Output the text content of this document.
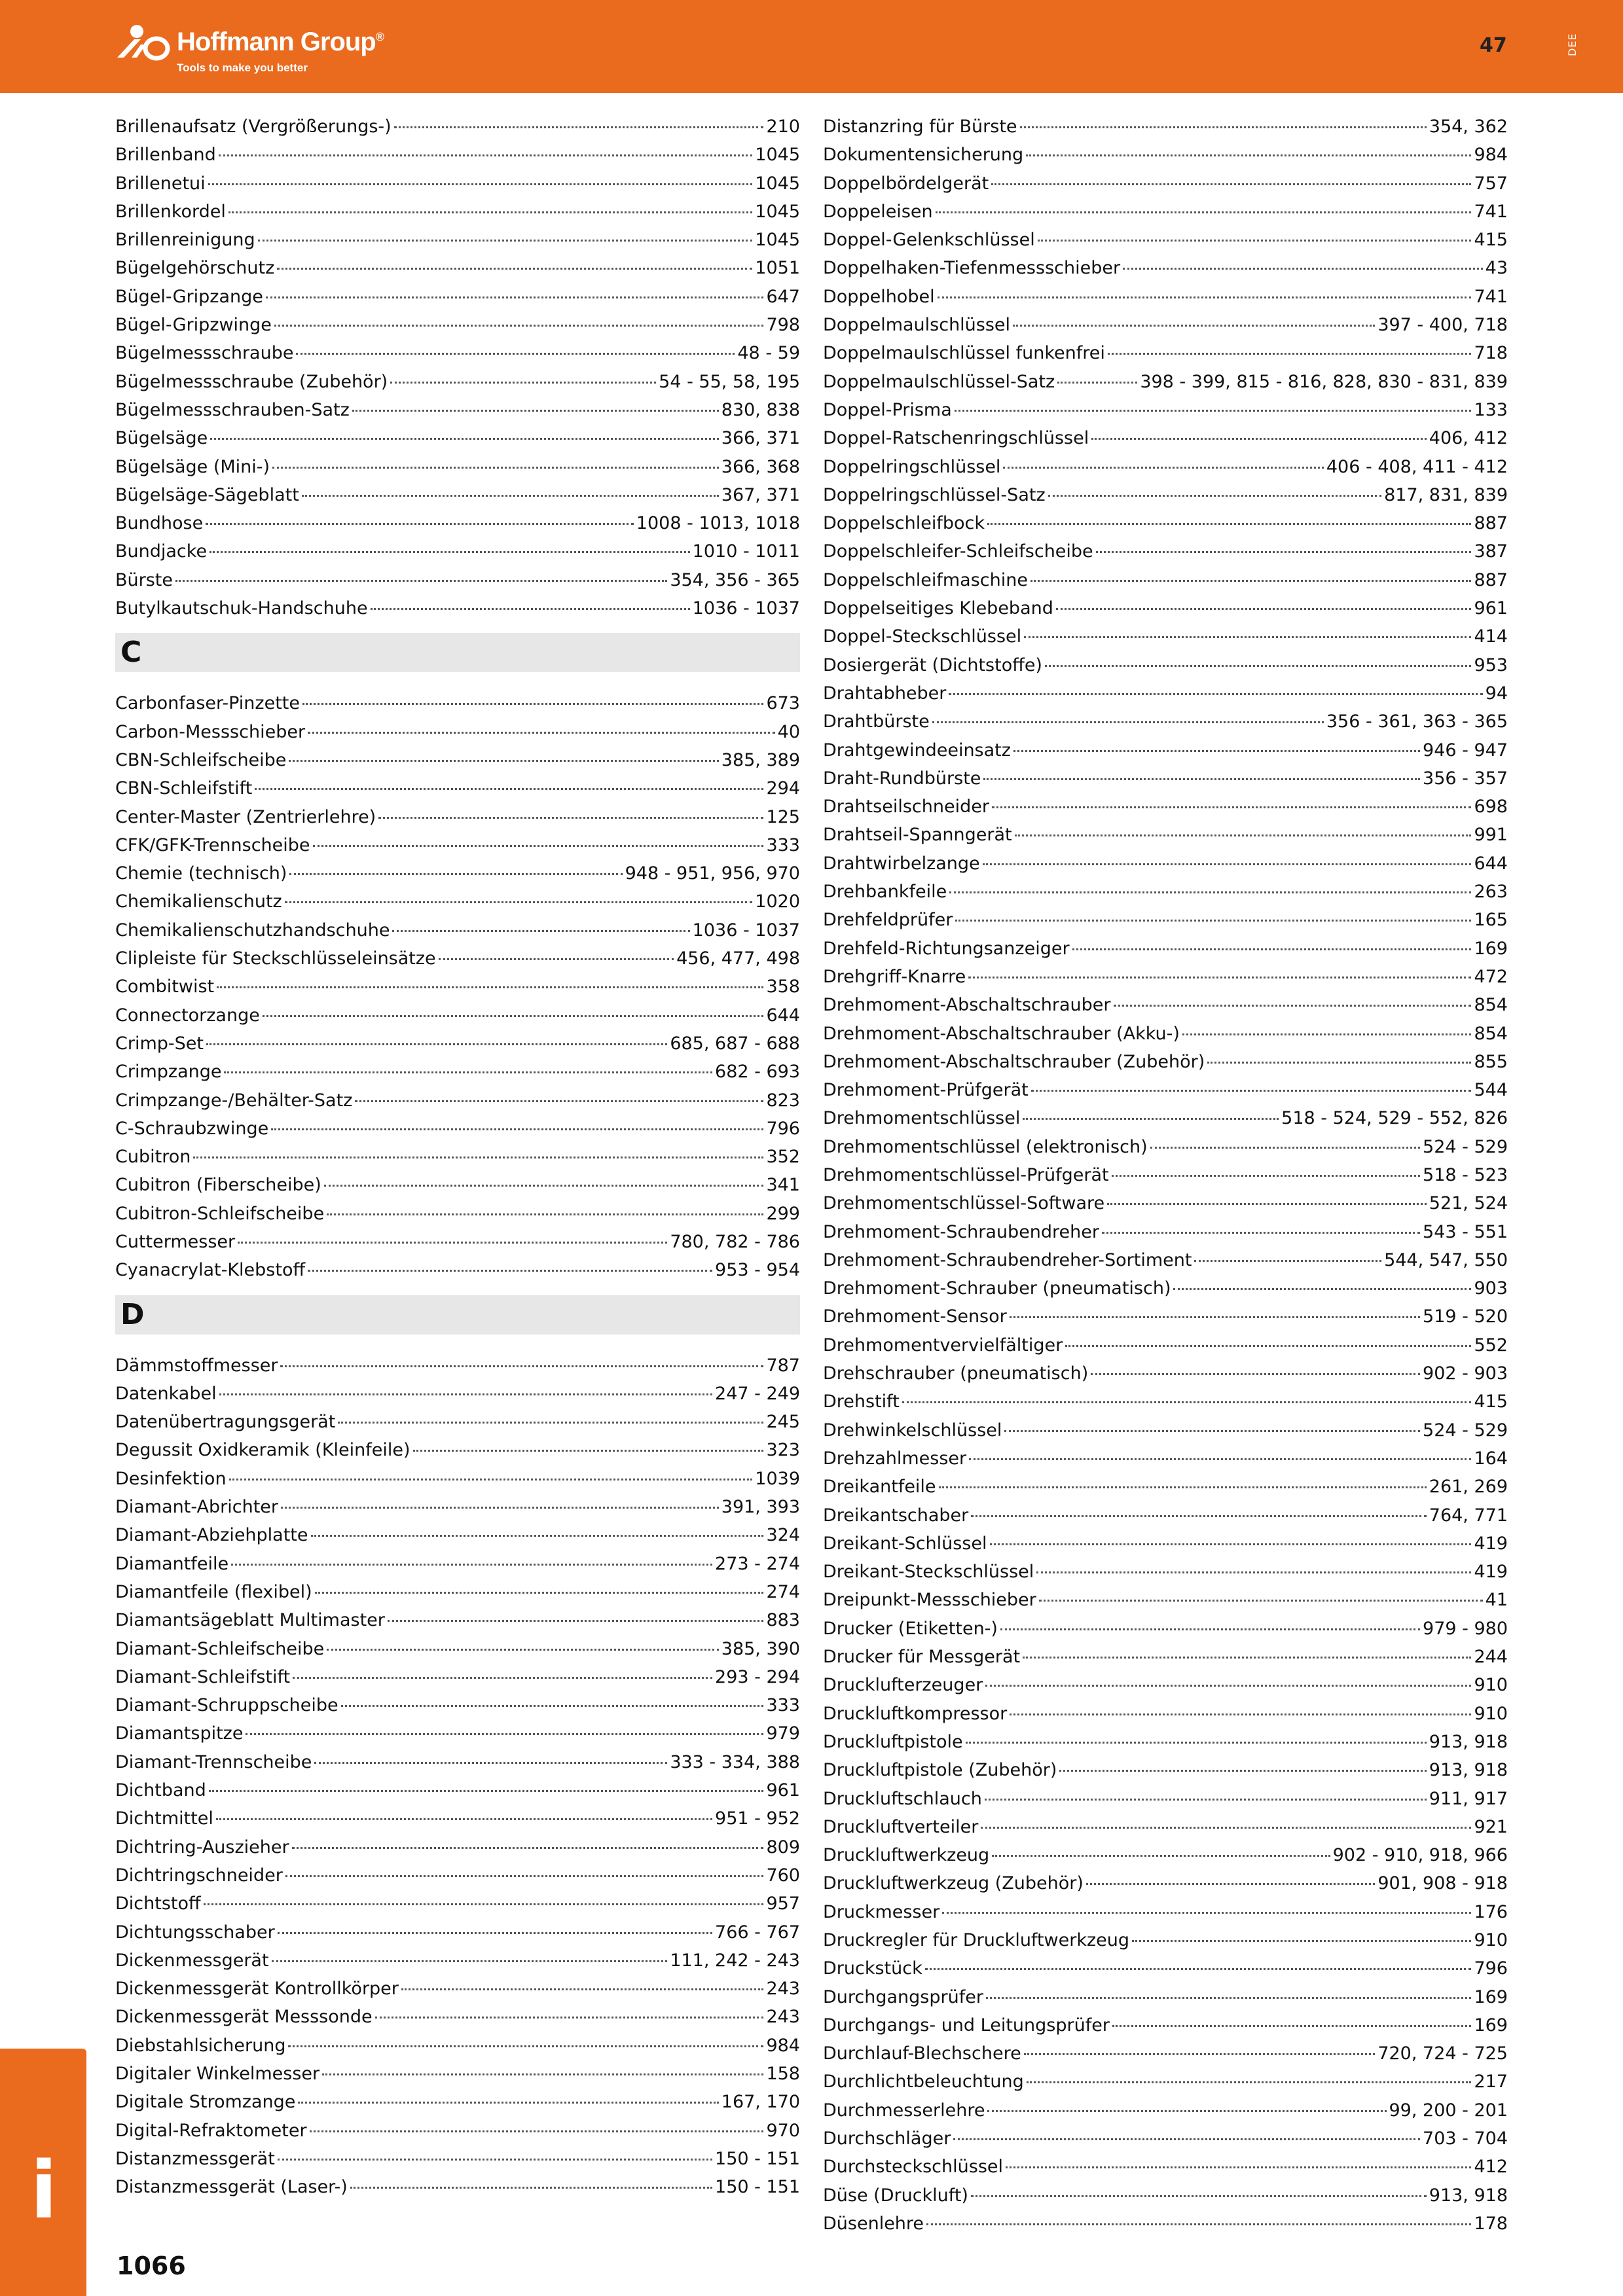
Hoffmann Group®
Tools to make you better
47	DEE
Brillenaufsatz (Vergrößerungs-)	210
Brillenband	1045
Brillenetui	1045
Brillenkordel	1045
Brillenreinigung	1045
Bügelgehörschutz	1051
Bügel-Gripzange	647
Bügel-Gripzwinge	798
Bügelmessschraube	48 - 59
Bügelmessschraube (Zubehör)	54 - 55, 58, 195
Bügelmessschrauben-Satz	830, 838
Bügelsäge	366, 371
Bügelsäge (Mini-)	366, 368
Bügelsäge-Sägeblatt	367, 371
Bundhose	1008 - 1013, 1018
Bundjacke	1010 - 1011
Bürste	354, 356 - 365
Butylkautschuk-Handschuhe	1036 - 1037
C
Carbonfaser-Pinzette	673
Carbon-Messschieber	40
CBN-Schleifscheibe	385, 389
CBN-Schleifstift	294
Center-Master (Zentrierlehre)	125
CFK/GFK-Trennscheibe	333
Chemie (technisch)	948 - 951, 956, 970
Chemikalienschutz	1020
Chemikalienschutzhandschuhe	1036 - 1037
Clipleiste für Steckschlüsseleinsätze	456, 477, 498
Combitwist	358
Connectorzange	644
Crimp-Set	685, 687 - 688
Crimpzange	682 - 693
Crimpzange-/Behälter-Satz	823
C-Schraubzwinge	796
Cubitron	352
Cubitron (Fiberscheibe)	341
Cubitron-Schleifscheibe	299
Cuttermesser	780, 782 - 786
Cyanacrylat-Klebstoff	953 - 954
D
Dämmstoffmesser	787
Datenkabel	247 - 249
Datenübertragungsgerät	245
Degussit Oxidkeramik (Kleinfeile)	323
Desinfektion	1039
Diamant-Abrichter	391, 393
Diamant-Abziehplatte	324
Diamantfeile	273 - 274
Diamantfeile (flexibel)	274
Diamantsägeblatt Multimaster	883
Diamant-Schleifscheibe	385, 390
Diamant-Schleifstift	293 - 294
Diamant-Schruppscheibe	333
Diamantspitze	979
Diamant-Trennscheibe	333 - 334, 388
Dichtband	961
Dichtmittel	951 - 952
Dichtring-Auszieher	809
Dichtringschneider	760
Dichtstoff	957
Dichtungsschaber	766 - 767
Dickenmessgerät	111, 242 - 243
Dickenmessgerät Kontrollkörper	243
Dickenmessgerät Messsonde	243
Diebstahlsicherung	984
Digitaler Winkelmesser	158
Digitale Stromzange	167, 170
Digital-Refraktometer	970
Distanzmessgerät	150 - 151
Distanzmessgerät (Laser-)	150 - 151
Distanzring für Bürste	354, 362
Dokumentensicherung	984
Doppelbördelgerät	757
Doppeleisen	741
Doppel-Gelenkschlüssel	415
Doppelhaken-Tiefenmessschieber	43
Doppelhobel	741
Doppelmaulschlüssel	397 - 400, 718
Doppelmaulschlüssel funkenfrei	718
Doppelmaulschlüssel-Satz	398 - 399, 815 - 816, 828, 830 - 831, 839
Doppel-Prisma	133
Doppel-Ratschenringschlüssel	406, 412
Doppelringschlüssel	406 - 408, 411 - 412
Doppelringschlüssel-Satz	817, 831, 839
Doppelschleifbock	887
Doppelschleifer-Schleifscheibe	387
Doppelschleifmaschine	887
Doppelseitiges Klebeband	961
Doppel-Steckschlüssel	414
Dosiergerät (Dichtstoffe)	953
Drahtabheber	94
Drahtbürste	356 - 361, 363 - 365
Drahtgewindeeinsatz	946 - 947
Draht-Rundbürste	356 - 357
Drahtseilschneider	698
Drahtseil-Spanngerät	991
Drahtwirbelzange	644
Drehbankfeile	263
Drehfeldprüfer	165
Drehfeld-Richtungsanzeiger	169
Drehgriff-Knarre	472
Drehmoment-Abschaltschrauber	854
Drehmoment-Abschaltschrauber (Akku-)	854
Drehmoment-Abschaltschrauber (Zubehör)	855
Drehmoment-Prüfgerät	544
Drehmomentschlüssel	518 - 524, 529 - 552, 826
Drehmomentschlüssel (elektronisch)	524 - 529
Drehmomentschlüssel-Prüfgerät	518 - 523
Drehmomentschlüssel-Software	521, 524
Drehmoment-Schraubendreher	543 - 551
Drehmoment-Schraubendreher-Sortiment	544, 547, 550
Drehmoment-Schrauber (pneumatisch)	903
Drehmoment-Sensor	519 - 520
Drehmomentvervielfältiger	552
Drehschrauber (pneumatisch)	902 - 903
Drehstift	415
Drehwinkelschlüssel	524 - 529
Drehzahlmesser	164
Dreikantfeile	261, 269
Dreikantschaber	764, 771
Dreikant-Schlüssel	419
Dreikant-Steckschlüssel	419
Dreipunkt-Messschieber	41
Drucker (Etiketten-)	979 - 980
Drucker für Messgerät	244
Drucklufterzeuger	910
Druckluftkompressor	910
Druckluftpistole	913, 918
Druckluftpistole (Zubehör)	913, 918
Druckluftschlauch	911, 917
Druckluftverteiler	921
Druckluftwerkzeug	902 - 910, 918, 966
Druckluftwerkzeug (Zubehör)	901, 908 - 918
Druckmesser	176
Druckregler für Druckluftwerkzeug	910
Druckstück	796
Durchgangsprüfer	169
Durchgangs- und Leitungsprüfer	169
Durchlauf-Blechschere	720, 724 - 725
Durchlichtbeleuchtung	217
Durchmesserlehre	99, 200 - 201
Durchschläger	703 - 704
Durchsteckschlüssel	412
Düse (Druckluft)	913, 918
Düsenlehre	178
i
1066
